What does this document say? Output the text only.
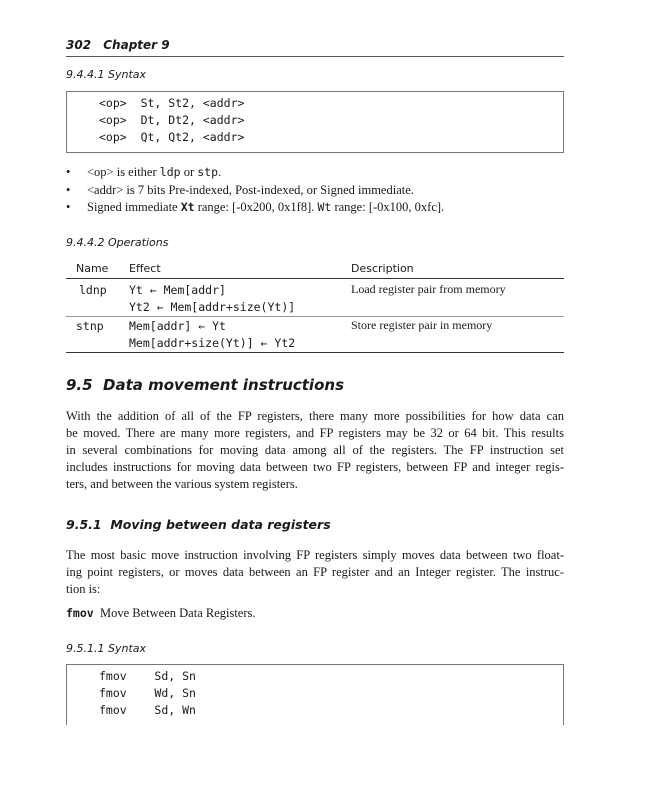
302 Chapter 9
9.4.4.1 Syntax
<op> St, St2, <addr>
<op> Dt, Dt2, <addr>
<op> Qt, Qt2, <addr>
• <op> is either ldp or stp.
• <addr> is 7 bits Pre-indexed, Post-indexed, or Signed immediate.
• Signed immediate Xt range: [-0x200, 0x1f8]. Wt range: [-0x100, 0xfc].
9.4.4.2 Operations
Name Effect	Description
ldnp Yt ← Mem[addr]
Yt2 ← Mem[addr+size(Yt)]
Load register pair from memory
stnp Mem[addr] ← Yt
Mem[addr+size(Yt)] ← Yt2
Store register pair in memory
9.5 Data movement instructions
With the addition of all of the FP registers, there many more possibilities for how data can
be moved. There are many more registers, and FP registers may be 32 or 64 bit. This results
in several combinations for moving data among all of the registers. The FP instruction set
includes instructions for moving data between two FP registers, between FP and integer regis-
ters, and between the various system registers.
9.5.1 Moving between data registers
The most basic move instruction involving FP registers simply moves data between two float-
ing point registers, or moves data between an FP register and an Integer register. The instruc-
tion is:
fmov Move Between Data Registers.
9.5.1.1 Syntax
fmov Sd, Sn
fmov Wd, Sn
fmov Sd, Wn
